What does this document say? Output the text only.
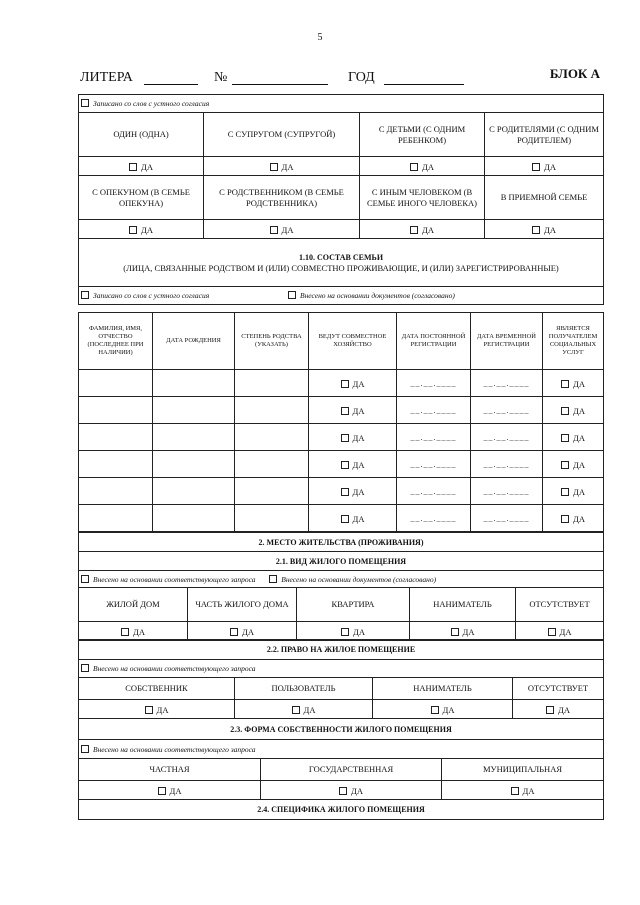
5
ЛИТЕРА	№	ГОД	БЛОК А
Записано со слов с устного согласия			
ОДИН (ОДНА)	С СУПРУГОМ (СУПРУГОЙ)	С ДЕТЬМИ (С ОДНИМ РЕБЕНКОМ)	С РОДИТЕЛЯМИ (С ОДНИМ РОДИТЕЛЕМ)
ДА	ДА	ДА	ДА
С ОПЕКУНОМ (В СЕМЬЕ ОПЕКУНА)	С РОДСТВЕННИКОМ (В СЕМЬЕ РОДСТВЕННИКА)	С ИНЫМ ЧЕЛОВЕКОМ (В СЕМЬЕ ИНОГО ЧЕЛОВЕКА)	В ПРИЕМНОЙ СЕМЬЕ
ДА	ДА	ДА	ДА

1.10. СОСТАВ СЕМЬИ
(ЛИЦА, СВЯЗАННЫЕ РОДСТВОМ И (ИЛИ) СОВМЕСТНО ПРОЖИВАЮЩИЕ, И (ИЛИ) ЗАРЕГИСТРИРОВАННЫЕ)			

Записано со слов с устного согласия Внесено на основании документов (согласовано)			
ФАМИЛИЯ, ИМЯ, ОТЧЕСТВО (ПОСЛЕДНЕЕ ПРИ НАЛИЧИИ)	ДАТА РОЖДЕНИЯ	СТЕПЕНЬ РОДСТВА (УКАЗАТЬ)	ВЕДУТ СОВМЕСТНОЕ ХОЗЯЙСТВО	ДАТА ПОСТОЯННОЙ РЕГИСТРАЦИИ	ДАТА ВРЕМЕННОЙ РЕГИСТРАЦИИ	ЯВЛЯЕТСЯ ПОЛУЧАТЕЛЕМ СОЦИАЛЬНЫХ УСЛУГ
			ДА	__.__.____	__.__.____	ДА
			ДА	__.__.____	__.__.____	ДА
			ДА	__.__.____	__.__.____	ДА
			ДА	__.__.____	__.__.____	ДА
			ДА	__.__.____	__.__.____	ДА
			ДА	__.__.____	__.__.____	ДА
2. МЕСТО ЖИТЕЛЬСТВА (ПРОЖИВАНИЯ)
2.1. ВИД ЖИЛОГО ПОМЕЩЕНИЯ
Внесено на основании соответствующего запроса	Внесено на основании документов (согласовано)
ЖИЛОЙ ДОМ	ЧАСТЬ ЖИЛОГО ДОМА	КВАРТИРА	НАНИМАТЕЛЬ	ОТСУТСТВУЕТ
ДА	ДА	ДА	ДА	ДА
2.2. ПРАВО НА ЖИЛОЕ ПОМЕЩЕНИЕ
Внесено на основании соответствующего запроса
СОБСТВЕННИК	ПОЛЬЗОВАТЕЛЬ	НАНИМАТЕЛЬ	ОТСУТСТВУЕТ
ДА	ДА	ДА	ДА
2.3. ФОРМА СОБСТВЕННОСТИ ЖИЛОГО ПОМЕЩЕНИЯ
Внесено на основании соответствующего запроса
ЧАСТНАЯ	ГОСУДАРСТВЕННАЯ	МУНИЦИПАЛЬНАЯ
ДА	ДА	ДА
2.4. СПЕЦИФИКА ЖИЛОГО ПОМЕЩЕНИЯ
